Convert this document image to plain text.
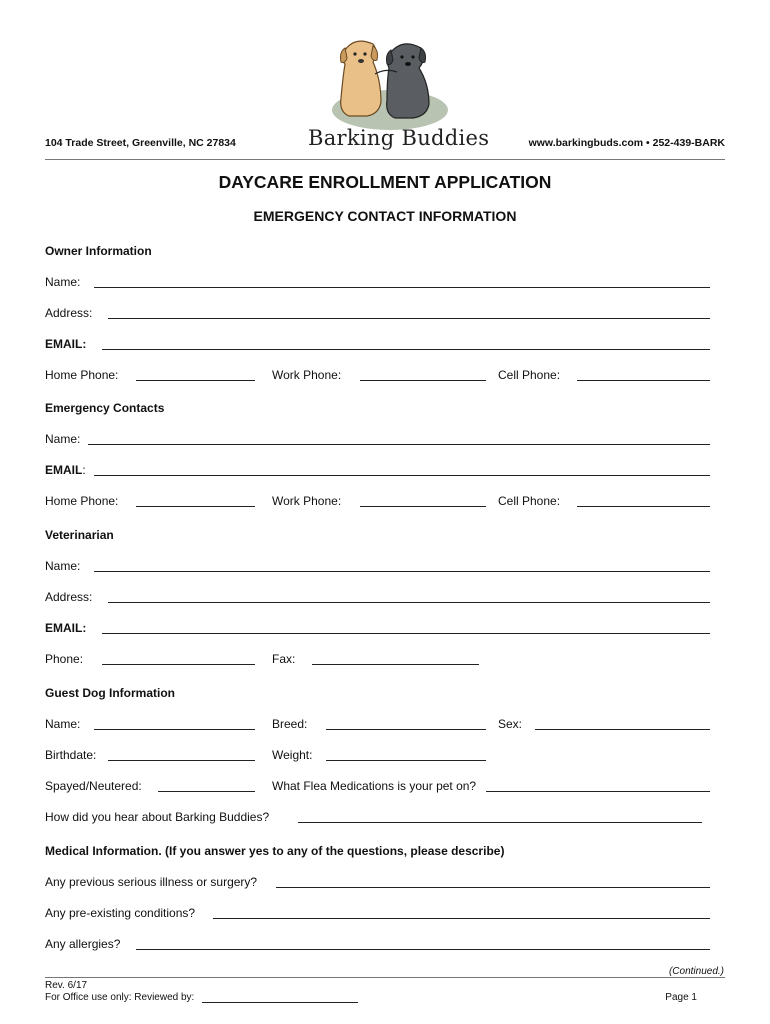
104 Trade Street, Greenville, NC 27834	Barking Buddies	www.barkingbuds.com • 252-439-BARK
DAYCARE ENROLLMENT APPLICATION
EMERGENCY CONTACT INFORMATION
Owner Information
Name:
Address:
EMAIL:
Home Phone:	Work Phone:	Cell Phone:
Emergency Contacts
Name:
EMAIL:
Home Phone:	Work Phone:	Cell Phone:
Veterinarian
Name:
Address:
EMAIL:
Phone:	Fax:
Guest Dog Information
Name:	Breed:	Sex:
Birthdate:	Weight:
Spayed/Neutered:	What Flea Medications is your pet on?
How did you hear about Barking Buddies?
Medical Information. (If you answer yes to any of the questions, please describe)
Any previous serious illness or surgery?
Any pre-existing conditions?
Any allergies?
(Continued.)
Rev. 6/17
For Office use only: Reviewed by:	Page 1
